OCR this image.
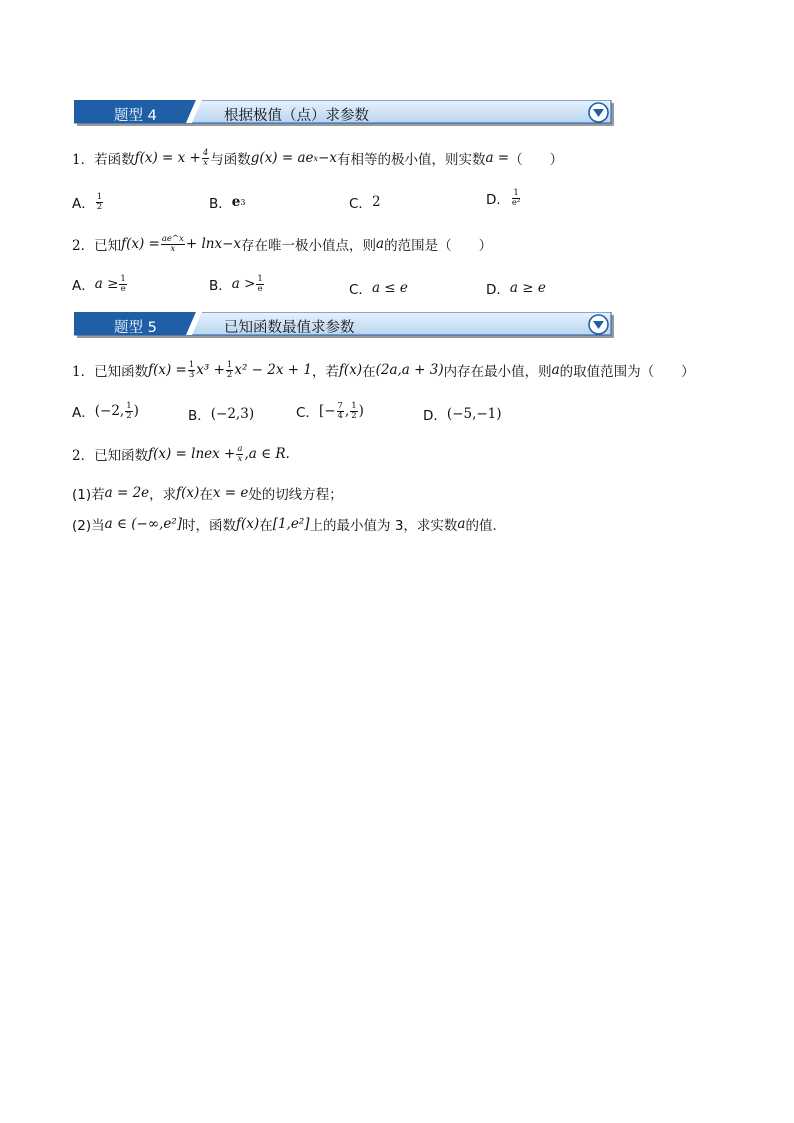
题型 4	根据极值（点）求参数
1． 若函数 $f(x) = x + \frac{4}{x}$ 与函数 g(x) = ae x −x 有相等的极小值，则实数 a = （　　）
A． $\frac{1}{2}$	B． e 3	C． 2	D． $\frac{1}{\text{e²}}$
2． 已知 $f(x) = \frac{ae\^{}x}{x} + \ln x-x$ 存在唯一极小值点，则 a 的范围是（　　）
A． $a \ge \frac{1}{e}$	B． $a > \frac{1}{e}$	C． a ≤ e	D． a ≥ e
题型 5	已知函数最值求参数
1． 已知函数 $f(x) = \frac{1}{3} x^3 + \frac{1}{2} x^2 - 2x + 1$ ，若 f(x) 在 (2a,a + 3) 内存在最小值，则 a 的取值范围为（　　）
A． (−2, $\frac{1}{2}$ )	B． (−2,3)	C． [− $\frac{7}{4}$ , $\frac{1}{2}$ )	D． (−5,−1)
2． 已知函数 f(x) = lnex + $\frac{a}{x} ,a$ ∈ R.
(1)若 a = 2e ，求 f(x) 在 x = e 处的切线方程；
(2)当 a ∈ (−∞,e²] 时，函数 f(x) 在 [1,e²] 上的最小值为 3，求实数 a 的值.
